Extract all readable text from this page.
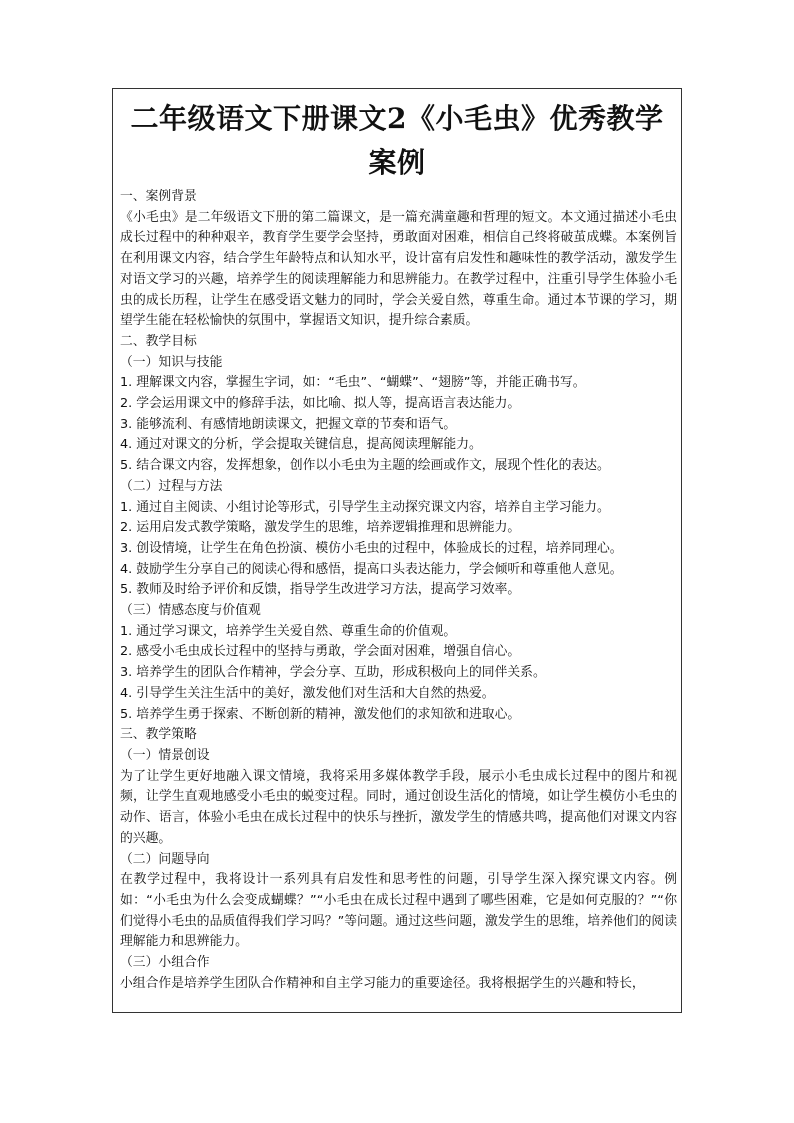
二年级语文下册课文2《小毛虫》优秀教学案例
一、案例背景
《小毛虫》是二年级语文下册的第二篇课文，是一篇充满童趣和哲理的短文。本文通过描述小毛虫成长过程中的种种艰辛，教育学生要学会坚持，勇敢面对困难，相信自己终将破茧成蝶。本案例旨在利用课文内容，结合学生年龄特点和认知水平，设计富有启发性和趣味性的教学活动，激发学生对语文学习的兴趣，培养学生的阅读理解能力和思辨能力。在教学过程中，注重引导学生体验小毛虫的成长历程，让学生在感受语文魅力的同时，学会关爱自然，尊重生命。通过本节课的学习，期望学生能在轻松愉快的氛围中，掌握语文知识，提升综合素质。
二、教学目标
（一）知识与技能
1. 理解课文内容，掌握生字词，如：“毛虫”、“蝴蝶”、“翅膀”等，并能正确书写。
2. 学会运用课文中的修辞手法，如比喻、拟人等，提高语言表达能力。
3. 能够流利、有感情地朗读课文，把握文章的节奏和语气。
4. 通过对课文的分析，学会提取关键信息，提高阅读理解能力。
5. 结合课文内容，发挥想象，创作以小毛虫为主题的绘画或作文，展现个性化的表达。
（二）过程与方法
1. 通过自主阅读、小组讨论等形式，引导学生主动探究课文内容，培养自主学习能力。
2. 运用启发式教学策略，激发学生的思维，培养逻辑推理和思辨能力。
3. 创设情境，让学生在角色扮演、模仿小毛虫的过程中，体验成长的过程，培养同理心。
4. 鼓励学生分享自己的阅读心得和感悟，提高口头表达能力，学会倾听和尊重他人意见。
5. 教师及时给予评价和反馈，指导学生改进学习方法，提高学习效率。
（三）情感态度与价值观
1. 通过学习课文，培养学生关爱自然、尊重生命的价值观。
2. 感受小毛虫成长过程中的坚持与勇敢，学会面对困难，增强自信心。
3. 培养学生的团队合作精神，学会分享、互助，形成积极向上的同伴关系。
4. 引导学生关注生活中的美好，激发他们对生活和大自然的热爱。
5. 培养学生勇于探索、不断创新的精神，激发他们的求知欲和进取心。
三、教学策略
（一）情景创设
为了让学生更好地融入课文情境，我将采用多媒体教学手段，展示小毛虫成长过程中的图片和视频，让学生直观地感受小毛虫的蜕变过程。同时，通过创设生活化的情境，如让学生模仿小毛虫的动作、语言，体验小毛虫在成长过程中的快乐与挫折，激发学生的情感共鸣，提高他们对课文内容的兴趣。
（二）问题导向
在教学过程中，我将设计一系列具有启发性和思考性的问题，引导学生深入探究课文内容。例如：“小毛虫为什么会变成蝴蝶？”“小毛虫在成长过程中遇到了哪些困难，它是如何克服的？”“你们觉得小毛虫的品质值得我们学习吗？”等问题。通过这些问题，激发学生的思维，培养他们的阅读理解能力和思辨能力。
（三）小组合作
小组合作是培养学生团队合作精神和自主学习能力的重要途径。我将根据学生的兴趣和特长，
